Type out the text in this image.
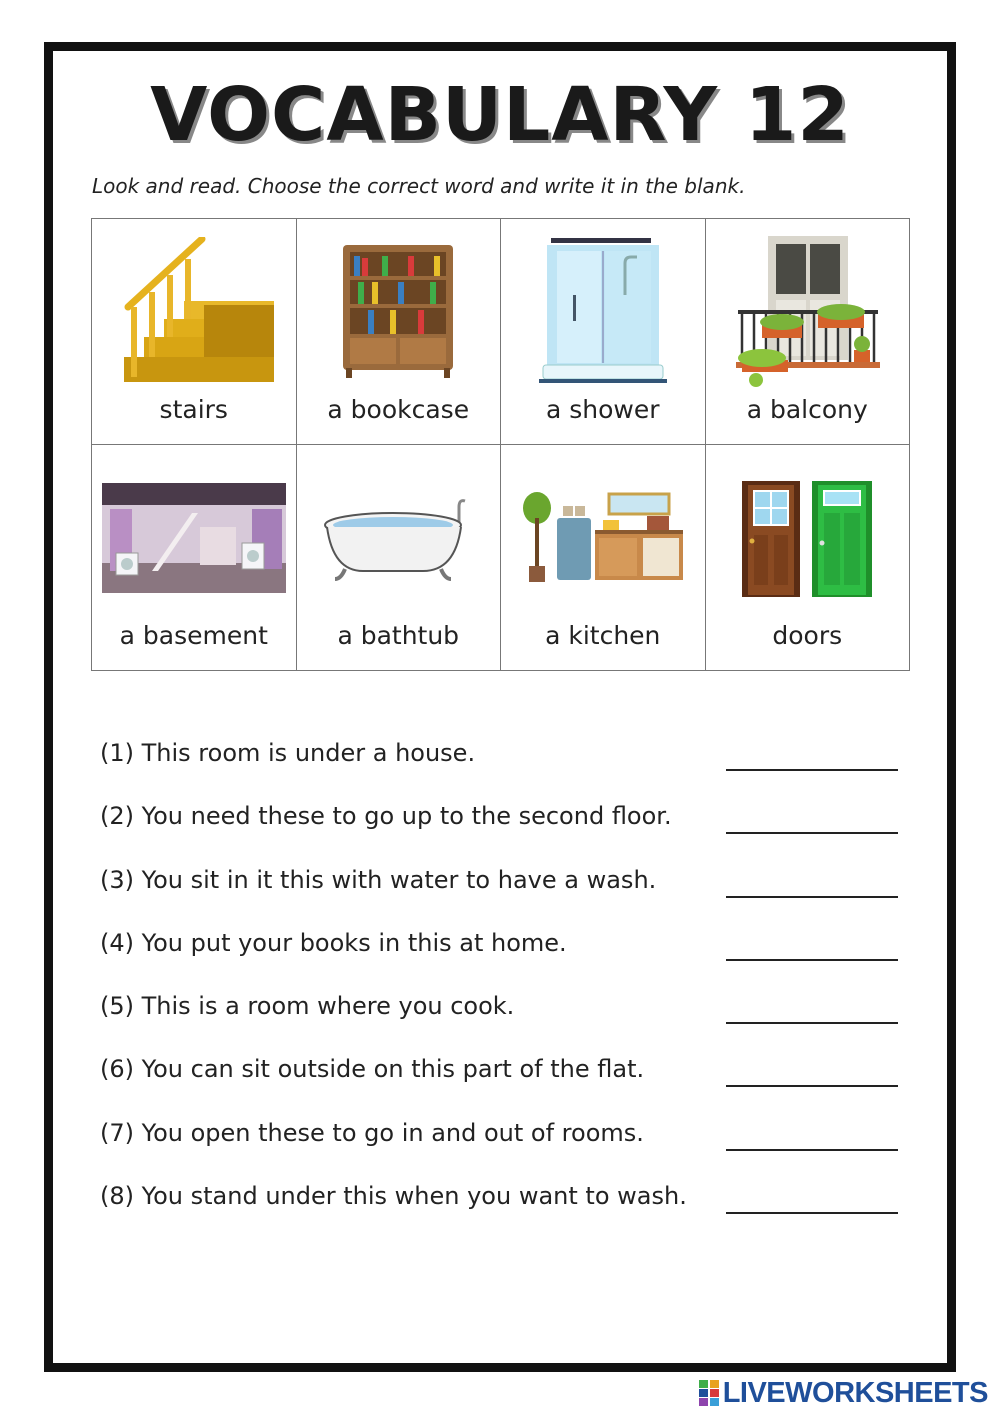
VOCABULARY 12
Look and read. Choose the correct word and write it in the blank.
stairs	a bookcase	a shower	a balcony

a basement	a bathtub	a kitchen	doors
(1) This room is under a house.
(2) You need these to go up to the second floor.
(3) You sit in it this with water to have a wash.
(4) You put your books in this at home.
(5) This is a room where you cook.
(6) You can sit outside on this part of the flat.
(7) You open these to go in and out of rooms.
(8) You stand under this when you want to wash.
LIVEWORKSHEETS
